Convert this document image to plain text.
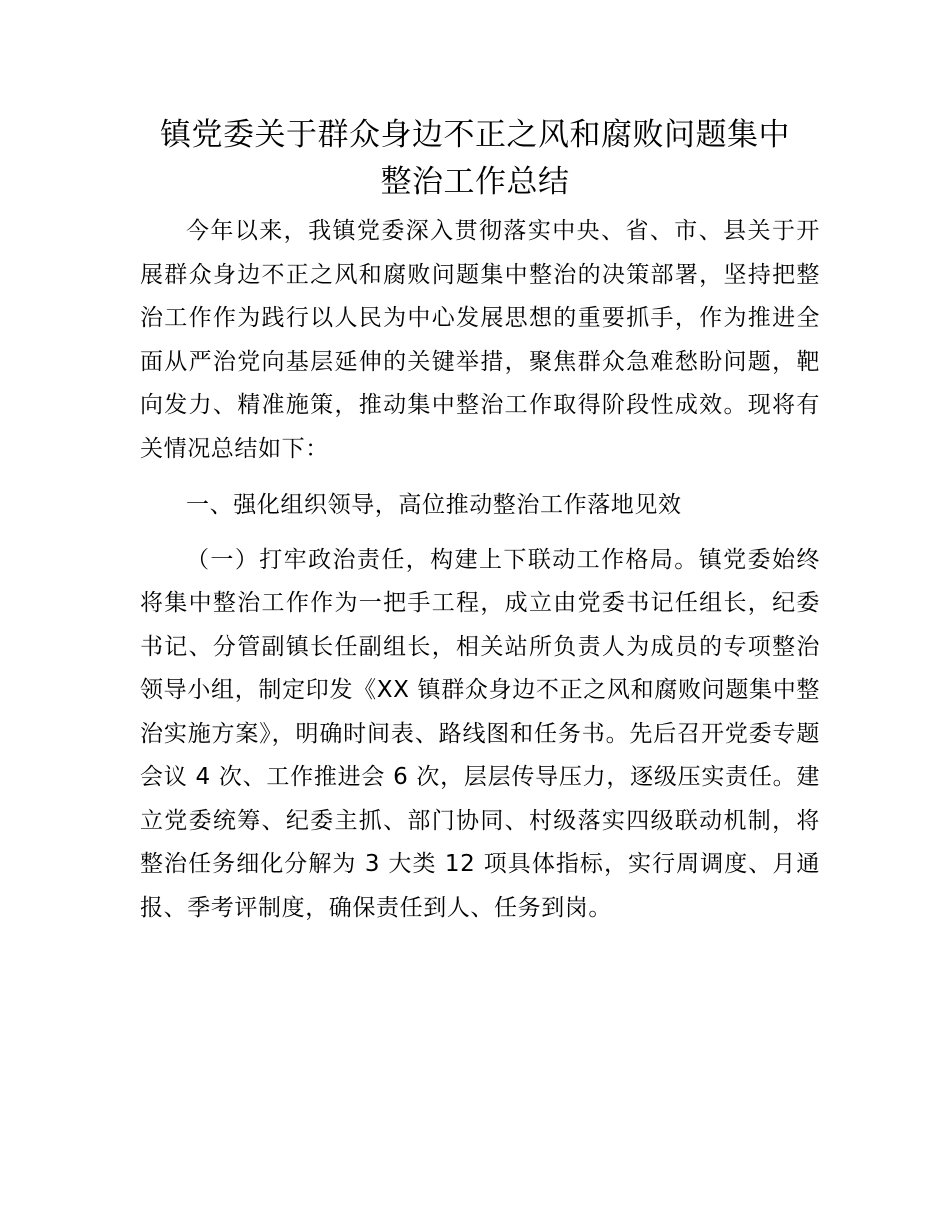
镇党委关于群众身边不正之风和腐败问题集中
整治工作总结

今年以来，我镇党委深入贯彻落实中央、省、市、县关于开展群众身边不正之风和腐败问题集中整治的决策部署，坚持把整治工作作为践行以人民为中心发展思想的重要抓手，作为推进全面从严治党向基层延伸的关键举措，聚焦群众急难愁盼问题，靶向发力、精准施策，推动集中整治工作取得阶段性成效。现将有关情况总结如下：

一、强化组织领导，高位推动整治工作落地见效

（一）打牢政治责任，构建上下联动工作格局。镇党委始终将集中整治工作作为一把手工程，成立由党委书记任组长，纪委书记、分管副镇长任副组长，相关站所负责人为成员的专项整治领导小组，制定印发《XX 镇群众身边不正之风和腐败问题集中整治实施方案》，明确时间表、路线图和任务书。先后召开党委专题会议 4 次、工作推进会 6 次，层层传导压力，逐级压实责任。建立党委统筹、纪委主抓、部门协同、村级落实四级联动机制，将整治任务细化分解为 3 大类 12 项具体指标，实行周调度、月通报、季考评制度，确保责任到人、任务到岗。
